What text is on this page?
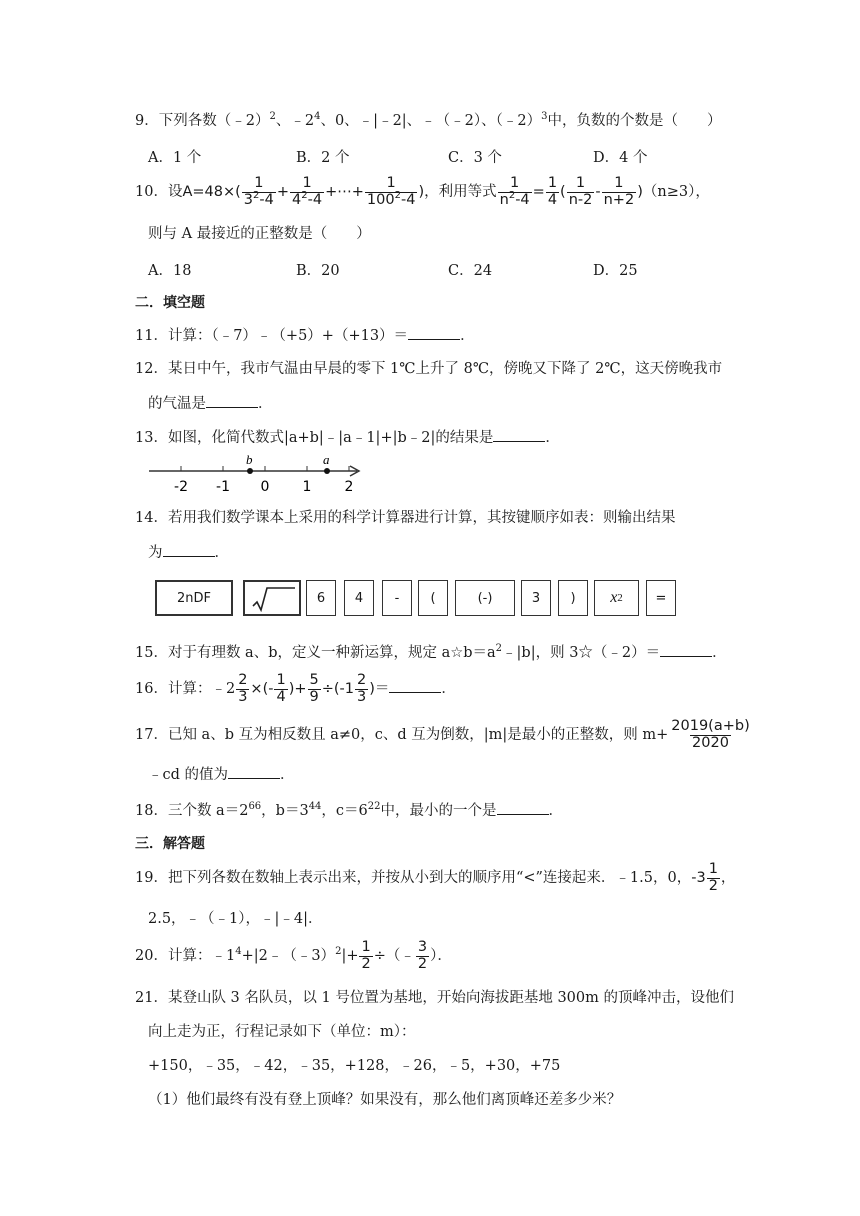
9．下列各数（﹣2）$^2$、$﹣2^4$、0、﹣|﹣2|、﹣（﹣2）、（﹣2）$^3$中，负数的个数是（　　）
A．1 个	B．2 个	C．3 个	D．4 个
10．设$A=48\times( \frac{1}{3^2-4} + \frac{1}{4^2-4}$ +⋯+ $\frac{1}{100^2-4}$ )，利用等式 $\frac{1}{n^2-4} = \frac{1}{4}$ ( $\frac{1}{n-2} - \frac{1}{n+2} )(n\ge 3)$，
则与 A 最接近的正整数是（　　）
A．18	B．20	C．24	D．25
二．填空题
11．计算：（﹣7）﹣（+5）+（+13）＝	．
12．某日中午，我市气温由早晨的零下 1℃上升了 8℃，傍晚又下降了 2℃，这天傍晚我市
的气温是	．
13．如图，化简代数式|a+b|﹣|a﹣1|+|b﹣2|的结果是	．
b	a
-2 -1 0 1 2
14．若用我们数学课本上采用的科学计算器进行计算，其按键顺序如表：则输出结果
为	．
2nDF	6	4	-	(	(-)	3	)	x 2	=
15．对于有理数 a、b，定义一种新运算，规定 $a☆b=a^2﹣|b|$，则 3☆（﹣2）＝	．
16．计算：﹣2 $\frac{2}{3}$ ×(- $\frac{1}{4}$ )+ $\frac{5}{9} \div(-1 \frac{2}{3}$ )＝	．
17．已知 a、b 互为相反数且 a≠0，c、d 互为倒数，|m|是最小的正整数，则 $m+ \frac{2019(a+b)}{2020}$
﹣cd 的值为	．
18．三个数 $a=2^{66}$，$b=3^{44}$，$c=6^{22}$中，最小的一个是	．
三．解答题
19．把下列各数在数轴上表示出来，并按从小到大的顺序用“<”连接起来．﹣1.5，0，$-3 \frac{1}{2}$ ，
2.5，﹣（﹣1），﹣|﹣4|．
20．计算：$﹣1^4+|2﹣(﹣3)^2|+ \frac{1}{2}$ ÷（﹣ $\frac{3}{2}$ ）．
21．某登山队 3 名队员，以 1 号位置为基地，开始向海拔距基地 300m 的顶峰冲击，设他们
向上走为正，行程记录如下（单位：m）：
+150，﹣35，﹣42，﹣35，+128，﹣26，﹣5，+30，+75
（1）他们最终有没有登上顶峰？如果没有，那么他们离顶峰还差多少米？
